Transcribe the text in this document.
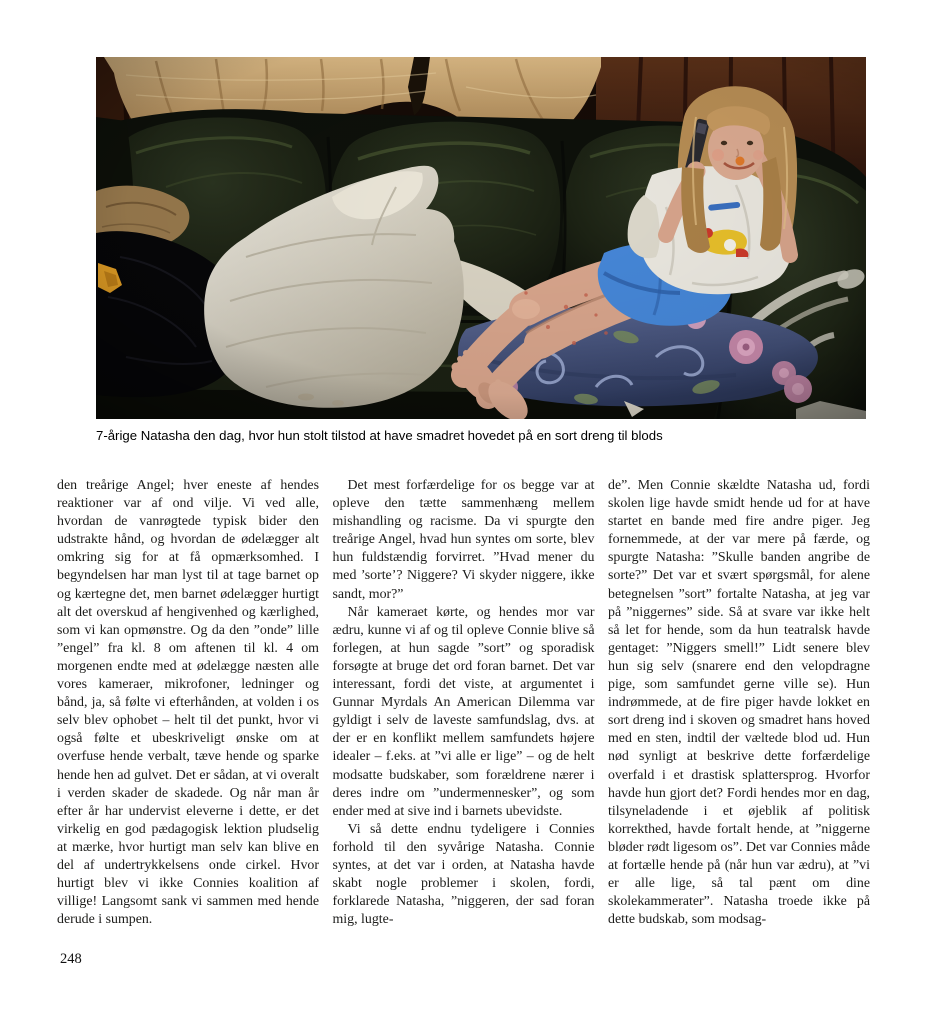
7-årige Natasha den dag, hvor hun stolt tilstod at have smadret hovedet på en sort dreng til blods

den treårige Angel; hver eneste af hendes reaktioner var af ond vilje. Vi ved alle, hvordan de vanrøgtede typisk bider den udstrakte hånd, og hvordan de ødelægger alt omkring sig for at få opmærksomhed. I begyndelsen har man lyst til at tage barnet op og kærtegne det, men barnet ødelægger hurtigt alt det overskud af hengivenhed og kærlighed, som vi kan opmønstre. Og da den ”onde” lille ”engel” fra kl. 8 om aftenen til kl. 4 om morgenen endte med at ødelægge næsten alle vores kameraer, mikrofoner, ledninger og bånd, ja, så følte vi efterhånden, at volden i os selv blev ophobet – helt til det punkt, hvor vi også følte et ubeskriveligt ønske om at overfuse hende verbalt, tæve hende og sparke hende hen ad gulvet. Det er sådan, at vi overalt i verden skader de skadede. Og når man år efter år har undervist eleverne i dette, er det virkelig en god pædagogisk lektion pludselig at mærke, hvor hurtigt man selv kan blive en del af undertrykkelsens onde cirkel. Hvor hurtigt blev vi ikke Connies koalition af villige! Langsomt sank vi sammen med hende derude i sumpen.

Det mest forfærdelige for os begge var at opleve den tætte sammenhæng mellem mishandling og racisme. Da vi spurgte den treårige Angel, hvad hun syntes om sorte, blev hun fuldstændig forvirret. ”Hvad mener du med ’sorte’? Niggere? Vi skyder niggere, ikke sandt, mor?”

Når kameraet kørte, og hendes mor var ædru, kunne vi af og til opleve Connie blive så forlegen, at hun sagde ”sort” og sporadisk forsøgte at bruge det ord foran barnet. Det var interessant, fordi det viste, at argumentet i Gunnar Myrdals An American Dilemma var gyldigt i selv de laveste samfundslag, dvs. at der er en konflikt mellem samfundets højere idealer – f.eks. at ”vi alle er lige” – og de helt modsatte budskaber, som forældrene nærer i deres indre om ”undermennesker”, og som ender med at sive ind i barnets ubevidste.

Vi så dette endnu tydeligere i Connies forhold til den syvårige Natasha. Connie syntes, at det var i orden, at Natasha havde skabt nogle problemer i skolen, fordi, forklarede Natasha, ”niggeren, der sad foran mig, lugte-

de”. Men Connie skældte Natasha ud, fordi skolen lige havde smidt hende ud for at have startet en bande med fire andre piger. Jeg fornemmede, at der var mere på færde, og spurgte Natasha: ”Skulle banden angribe de sorte?” Det var et svært spørgsmål, for alene betegnelsen ”sort” fortalte Natasha, at jeg var på ”niggernes” side. Så at svare var ikke helt så let for hende, som da hun teatralsk havde gentaget: ”Niggers smell!” Lidt senere blev hun sig selv (snarere end den velopdragne pige, som samfundet gerne ville se). Hun indrømmede, at de fire piger havde lokket en sort dreng ind i skoven og smadret hans hoved med en sten, indtil der væltede blod ud. Hun nød synligt at beskrive dette forfærdelige overfald i et drastisk splattersprog. Hvorfor havde hun gjort det? Fordi hendes mor en dag, tilsyneladende i et øjeblik af politisk korrekthed, havde fortalt hende, at ”niggerne bløder rødt ligesom os”. Det var Connies måde at fortælle hende på (når hun var ædru), at ”vi er alle lige, så tal pænt om dine skolekammerater”. Natasha troede ikke på dette budskab, som modsag-

248
